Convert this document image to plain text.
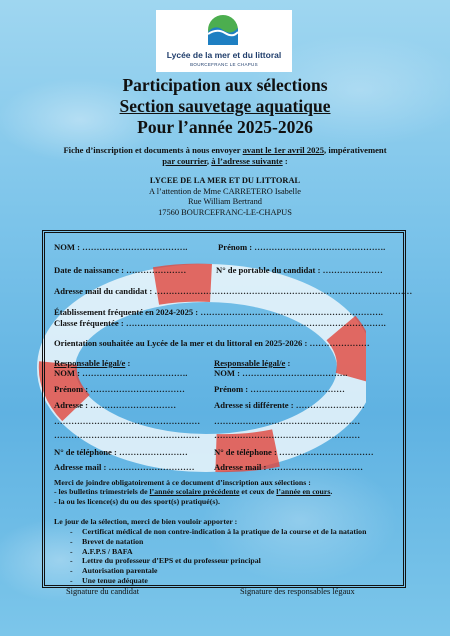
Lycée de la mer et du littoral
BOURCEFRANC LE CHAPUS
Participation aux sélections
Section sauvetage aquatique
Pour l’année 2025-2026
Fiche d’inscription et documents à nous envoyer avant le 1er avril 2025, impérativement
par courrier, à l’adresse suivante :
LYCEE DE LA MER ET DU LITTORAL
A l’attention de Mme CARRETERO Isabelle
Rue William Bertrand
17560 BOURCEFRANC-LE-CHAPUS
NOM : ……………………………….	Prénom : ……………………………………….
Date de naissance : …………………	N° de portable du candidat : …………………
Adresse mail du candidat : ………………………………………………………………………………
Établissement fréquenté en 2024-2025 : ……………………………………………………….
Classe fréquentée : ……………………………………………………………………………….
Orientation souhaitée au Lycée de la mer et du littoral en 2025-2026 : …………………
Responsable légal/e :	Responsable légal/e :
NOM : ……………………………….	NOM : ……………………………….
Prénom : ……………………………	Prénom : ……………………………
Adresse : …………………………	Adresse si différente : ……………………
…………………………………………… ……………………………………………
…………………………………………… ……………………………………………
N° de téléphone : ……………………	N° de téléphone : ……………………………
Adresse mail : ………………………… Adresse mail : ……………………………
Merci de joindre obligatoirement à ce document d’inscription aux sélections :
- les bulletins trimestriels de l’année scolaire précédente et ceux de l’année en cours.
- la ou les licence(s) du ou des sport(s) pratiqué(s).
Le jour de la sélection, merci de bien vouloir apporter :
- Certificat médical de non contre-indication à la pratique de la course et de la natation
- Brevet de natation
- A.F.P.S / BAFA
- Lettre du professeur d’EPS et du professeur principal
- Autorisation parentale
- Une tenue adéquate
Signature du candidat	Signature des responsables légaux
